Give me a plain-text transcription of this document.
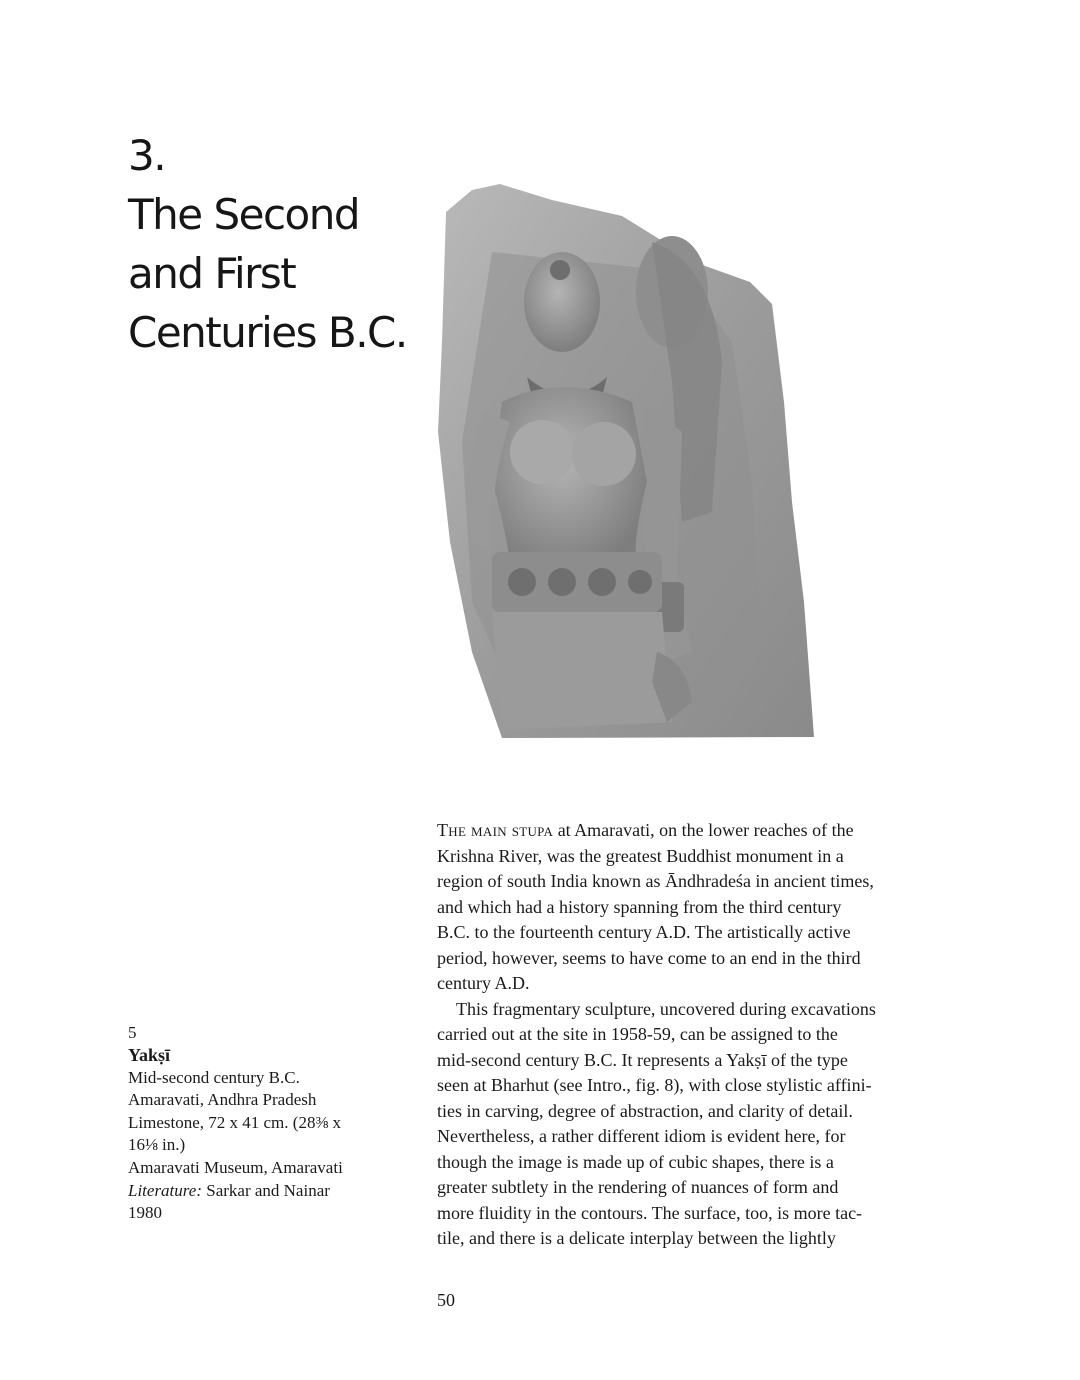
3.
The Second
and First
Centuries B.C.
5
Yakṣī
Mid-second century B.C.
Amaravati, Andhra Pradesh
Limestone, 72 x 41 cm. (28⅜ x
16⅛ in.)
Amaravati Museum, Amaravati
Literature: Sarkar and Nainar
1980

The main stupa at Amaravati, on the lower reaches of the
Krishna River, was the greatest Buddhist monument in a
region of south India known as Āndhradeśa in ancient times,
and which had a history spanning from the third century
B.C. to the fourteenth century A.D. The artistically active
period, however, seems to have come to an end in the third
century A.D.

This fragmentary sculpture, uncovered during excavations
carried out at the site in 1958-59, can be assigned to the
mid-second century B.C. It represents a Yakṣī of the type
seen at Bharhut (see Intro., fig. 8), with close stylistic affini-
ties in carving, degree of abstraction, and clarity of detail.
Nevertheless, a rather different idiom is evident here, for
though the image is made up of cubic shapes, there is a
greater subtlety in the rendering of nuances of form and
more fluidity in the contours. The surface, too, is more tac-
tile, and there is a delicate interplay between the lightly

50
